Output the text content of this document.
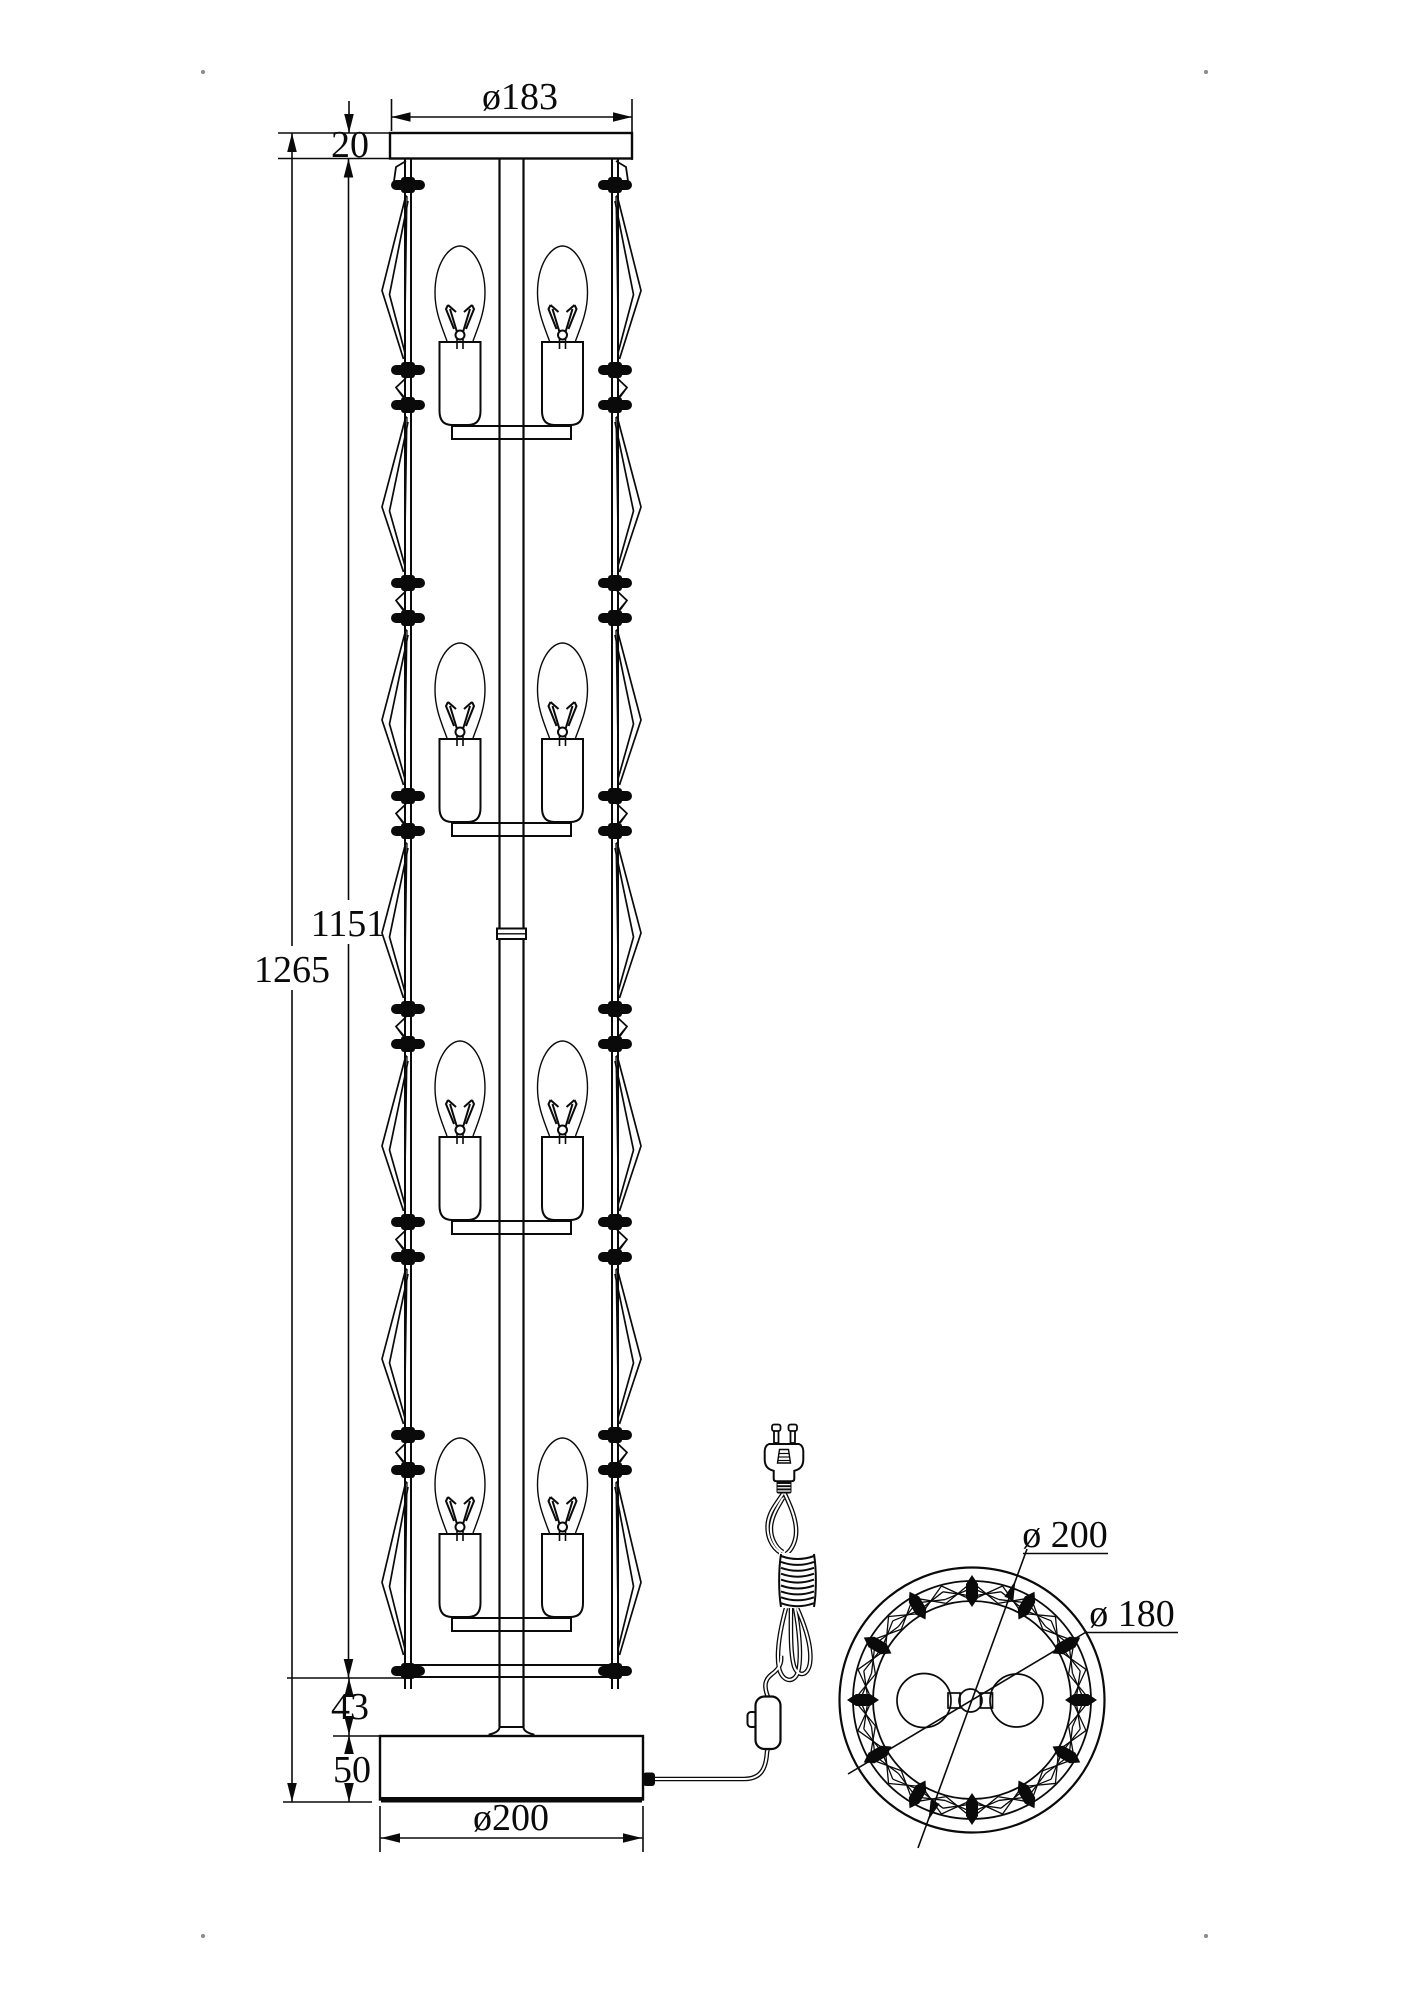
ø183
20
1151
1265
43
50
ø200
ø 200
ø 180
